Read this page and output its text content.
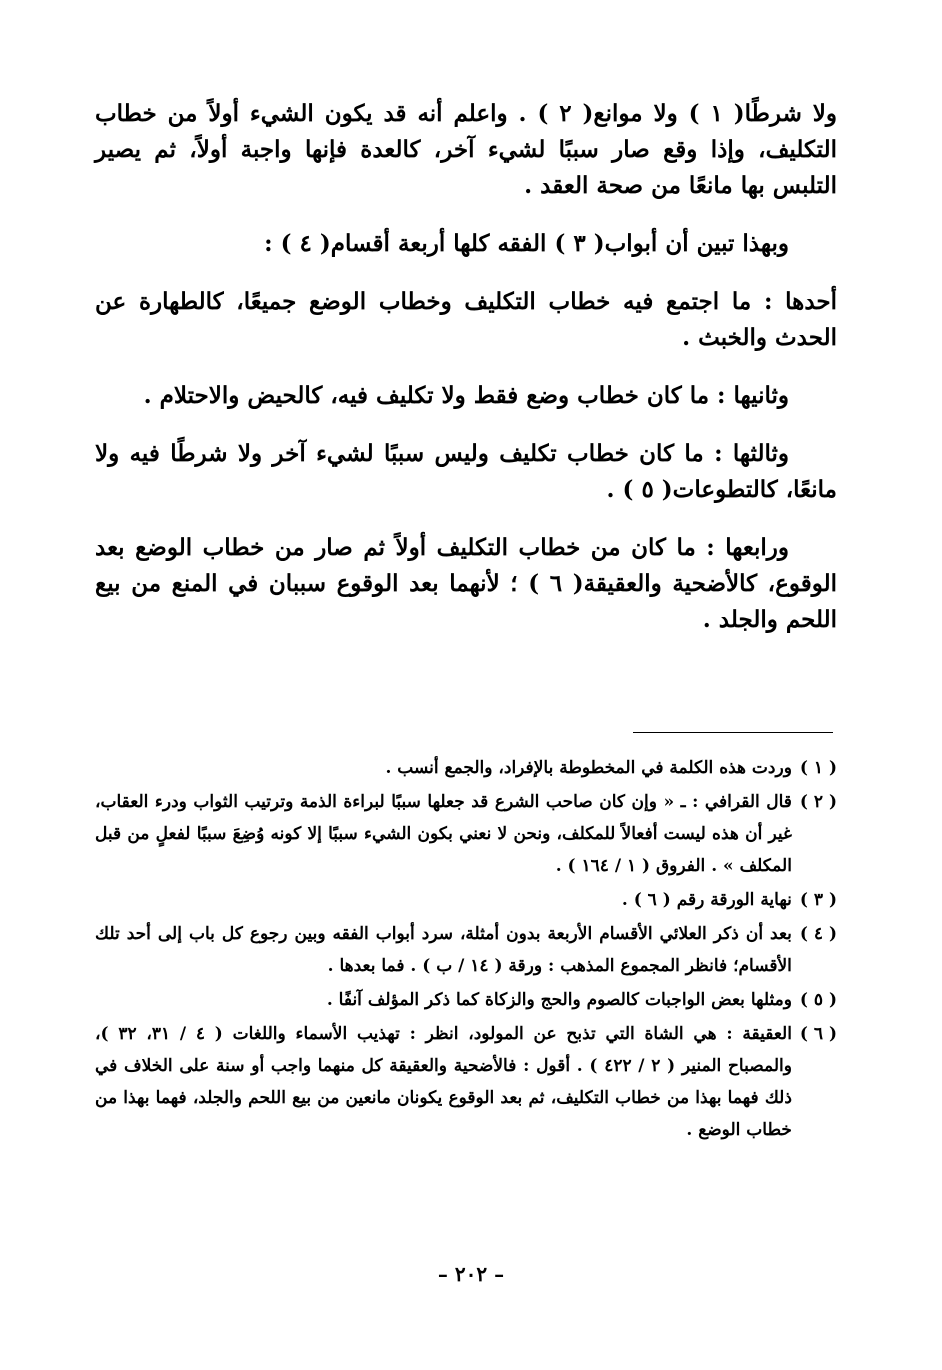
ولا شرطًا( ١ ) ولا موانع( ٢ ) . واعلم أنه قد يكون الشيء أولاً من خطاب التكليف، وإذا وقع صار سببًا لشيء آخر، كالعدة فإنها واجبة أولاً، ثم يصير التلبس بها مانعًا من صحة العقد .

وبهذا تبين أن أبواب( ٣ ) الفقه كلها أربعة أقسام( ٤ ) :

أحدها : ما اجتمع فيه خطاب التكليف وخطاب الوضع جميعًا، كالطهارة عن الحدث والخبث .

وثانيها : ما كان خطاب وضع فقط ولا تكليف فيه، كالحيض والاحتلام .

وثالثها : ما كان خطاب تكليف وليس سببًا لشيء آخر ولا شرطًا فيه ولا مانعًا، كالتطوعات( ٥ ) .

ورابعها : ما كان من خطاب التكليف أولاً ثم صار من خطاب الوضع بعد الوقوع، كالأضحية والعقيقة( ٦ ) ؛ لأنهما بعد الوقوع سببان في المنع من بيع اللحم والجلد .

( ١ )
وردت هذه الكلمة في المخطوطة بالإفراد، والجمع أنسب .
( ٢ )
قال القرافي : ـ « وإن كان صاحب الشرع قد جعلها سببًا لبراءة الذمة وترتيب الثواب ودرء العقاب، غير أن هذه ليست أفعالاً للمكلف، ونحن لا نعني بكون الشيء سببًا إلا كونه وُضِعَ سببًا لفعلٍ من قبل المكلف » . الفروق ( ١ / ١٦٤ ) .
( ٣ )
نهاية الورقة رقم ( ٦ ) .
( ٤ )
بعد أن ذكر العلائي الأقسام الأربعة بدون أمثلة، سرد أبواب الفقه وبين رجوع كل باب إلى أحد تلك الأقسام؛ فانظر المجموع المذهب : ورقة ( ١٤ / ب ) . فما بعدها .
( ٥ )
ومثلها بعض الواجبات كالصوم والحج والزكاة كما ذكر المؤلف آنفًا .
( ٦ )
العقيقة : هي الشاة التي تذبح عن المولود، انظر : تهذيب الأسماء واللغات ( ٤ / ٣١، ٣٢ )، والمصباح المنير ( ٢ / ٤٢٢ ) . أقول : فالأضحية والعقيقة كل منهما واجب أو سنة على الخلاف في ذلك فهما بهذا من خطاب التكليف، ثم بعد الوقوع يكونان مانعين من بيع اللحم والجلد، فهما بهذا من خطاب الوضع .
– ٢٠٢ –
